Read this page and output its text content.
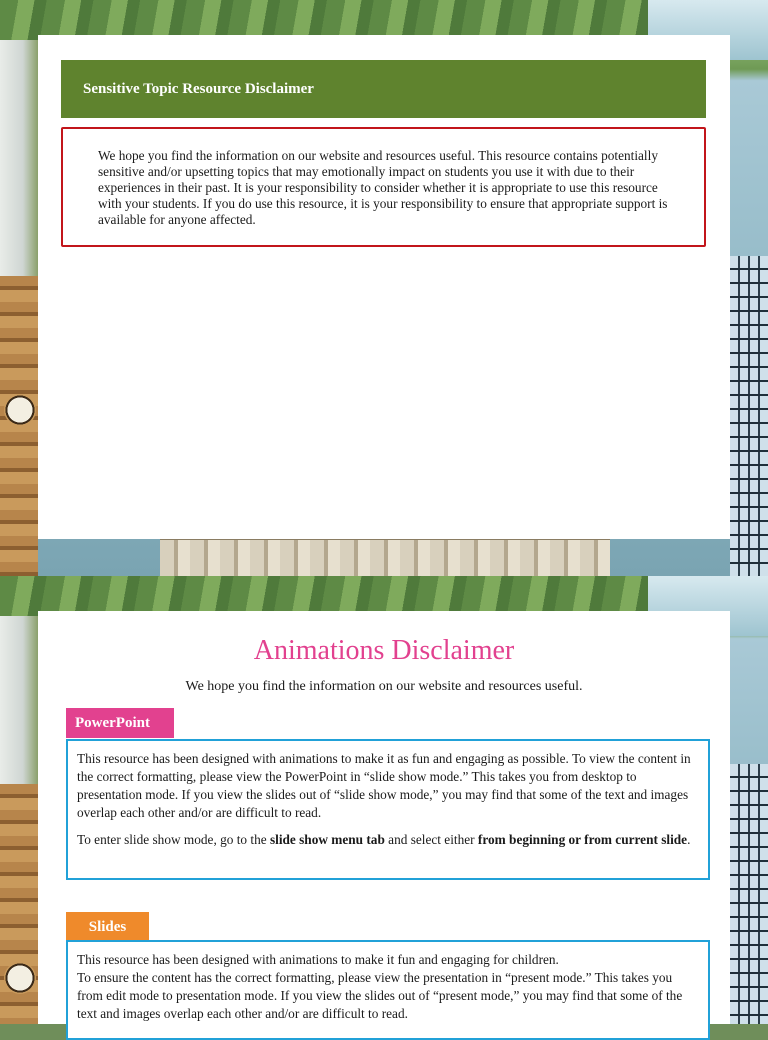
Sensitive Topic Resource Disclaimer

We hope you find the information on our website and resources useful. This resource contains potentially sensitive and/or upsetting topics that may emotionally impact on students you use it with due to their experiences in their past. It is your responsibility to consider whether it is appropriate to use this resource with your students. If you do use this resource, it is your responsibility to ensure that appropriate support is available for anyone affected.

Animations Disclaimer

We hope you find the information on our website and resources useful.

PowerPoint

This resource has been designed with animations to make it as fun and engaging as possible. To view the content in the correct formatting, please view the PowerPoint in “slide show mode.” This takes you from desktop to presentation mode. If you view the slides out of “slide show mode,” you may find that some of the text and images overlap each other and/or are difficult to read.

To enter slide show mode, go to the slide show menu tab and select either from beginning or from current slide.

Slides

This resource has been designed with animations to make it fun and engaging for children.

To ensure the content has the correct formatting, please view the presentation in “present mode.” This takes you from edit mode to presentation mode. If you view the slides out of “present mode,” you may find that some of the text and images overlap each other and/or are difficult to read.
